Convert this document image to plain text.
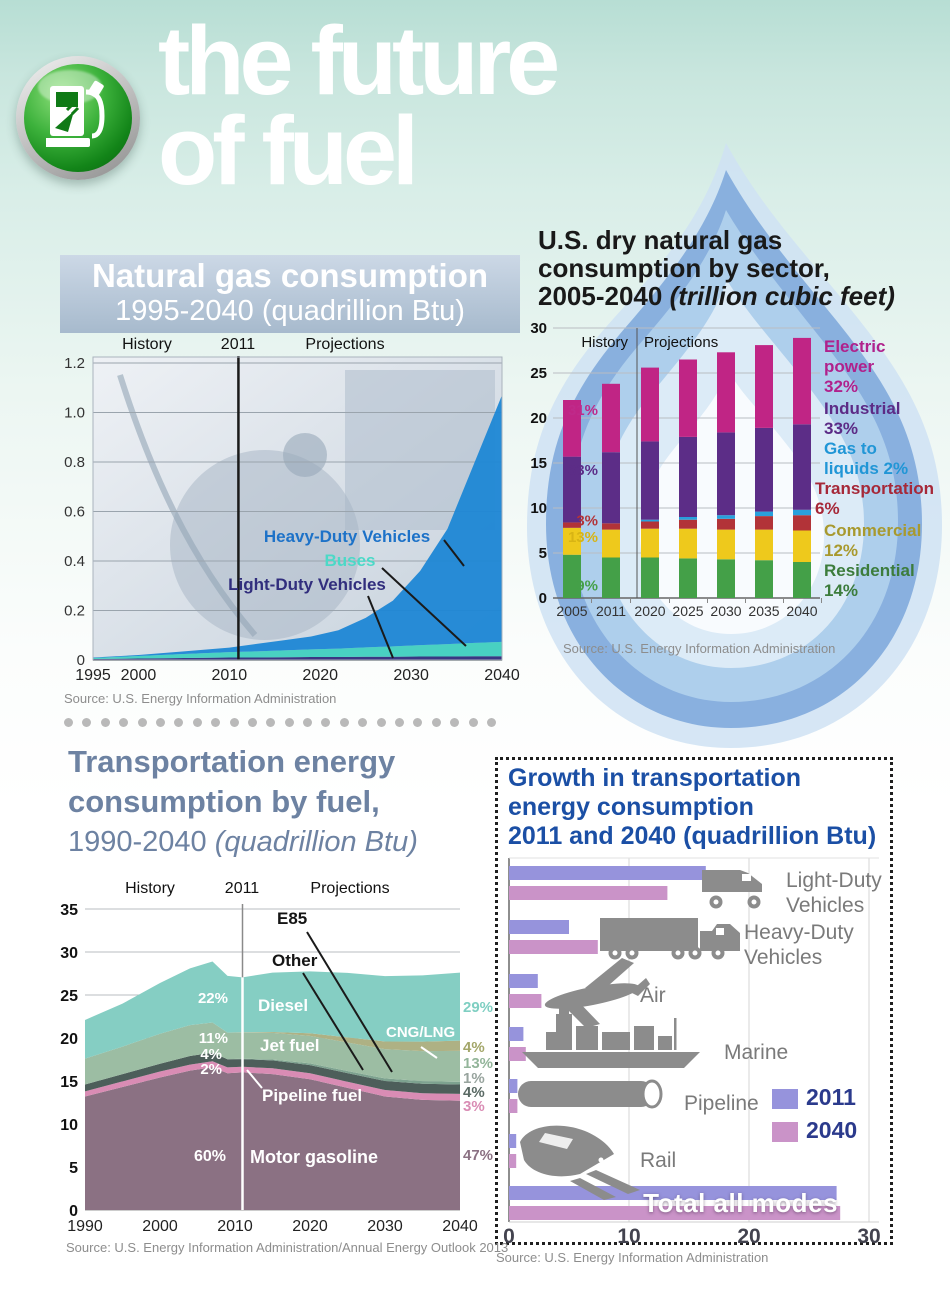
0
0.2
0.4
0.6
0.8
1.0
1.2
1995 2000	2010	2020	2030	2040
0
5
10
15
20
25
30
2005 2011 2020 2025 2030 2035 2040
31%
33%
3%
13%
19%
0
5
10
15
20
25
30
35
1990 2000 2010 2020 2030 2040
the future
of fuel
Natural gas consumption
1995-2040 (quadrillion Btu)
History	2011	Projections
Heavy-Duty Vehicles
Buses
Light-Duty Vehicles
Source: U.S. Energy Information Administration
U.S. dry natural gas
consumption by sector,
2005-2040 (trillion cubic feet)
History Projections	Electric
power
32%
Industrial
33%
Gas to
liquids 2%
Transportation
6%
Commercial
12%
Residential
14%
Source: U.S. Energy Information Administration
Transportation energy
consumption by fuel,
1990-2040 (quadrillion Btu)
History	2011	Projections
Diesel
Jet fuel
Pipeline fuel
Motor gasoline
CNG/LNG
E85
Other
22%
11%
4%
2%
60%
29%
4%
13%
1%
4%
3%
47%
Source: U.S. Energy Information Administration/Annual Energy Outlook 2013
Growth in transportation
energy consumption
2011 and 2040 (quadrillion Btu)
Light-Duty
Vehicles
Heavy-Duty
Vehicles
Air
Marine
Pipeline
Rail
2011
2040
0	10	20	30
Total all modes
Source: U.S. Energy Information Administration
